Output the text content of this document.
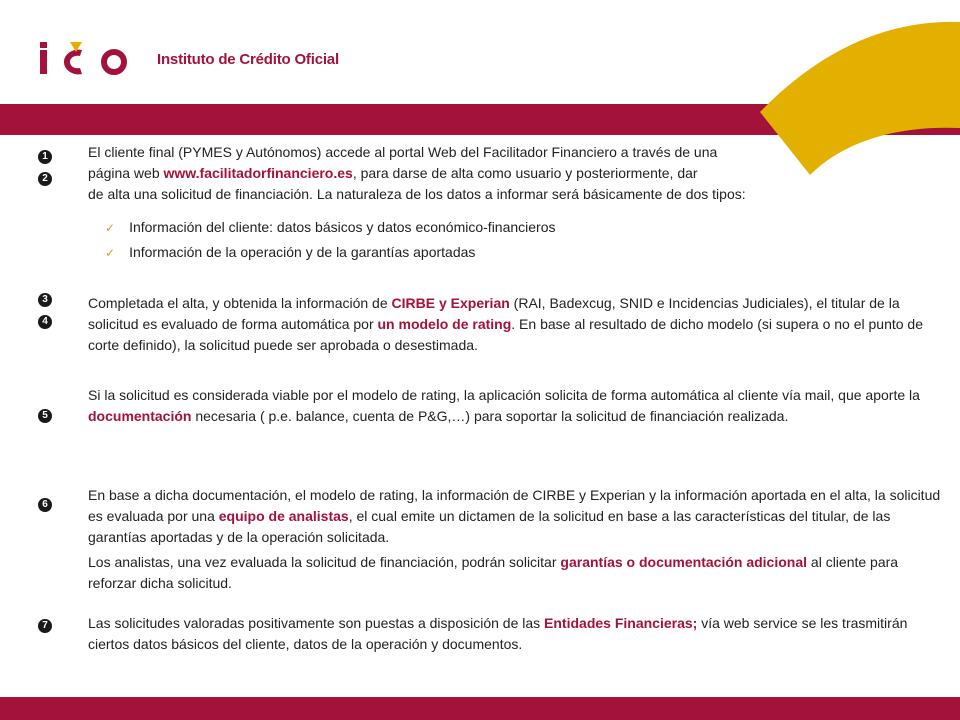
Instituto de Crédito Oficial
1
2
3
4
5
6
7
El cliente final (PYMES y Autónomos) accede al portal Web del Facilitador Financiero a través de una
página web www.facilitadorfinanciero.es, para darse de alta como usuario y posteriormente, dar
de alta una solicitud de financiación. La naturaleza de los datos a informar será básicamente de dos tipos:
✓ Información del cliente: datos básicos y datos económico-financieros
✓ Información de la operación y de la garantías aportadas
Completada el alta, y obtenida la información de CIRBE y Experian (RAI, Badexcug, SNID e Incidencias Judiciales), el titular de la solicitud es evaluado de forma automática por un modelo de rating. En base al resultado de dicho modelo (si supera o no el punto de corte definido), la solicitud puede ser aprobada o desestimada.
Si la solicitud es considerada viable por el modelo de rating, la aplicación solicita de forma automática al cliente vía mail, que aporte la documentación necesaria ( p.e. balance, cuenta de P&G,…) para soportar la solicitud de financiación realizada.
En base a dicha documentación, el modelo de rating, la información de CIRBE y Experian y la información aportada en el alta, la solicitud es evaluada por una equipo de analistas, el cual emite un dictamen de la solicitud en base a las características del titular, de las garantías aportadas y de la operación solicitada.
Los analistas, una vez evaluada la solicitud de financiación, podrán solicitar garantías o documentación adicional al cliente para reforzar dicha solicitud.
Las solicitudes valoradas positivamente son puestas a disposición de las Entidades Financieras; vía web service se les trasmitirán ciertos datos básicos del cliente, datos de la operación y documentos.
